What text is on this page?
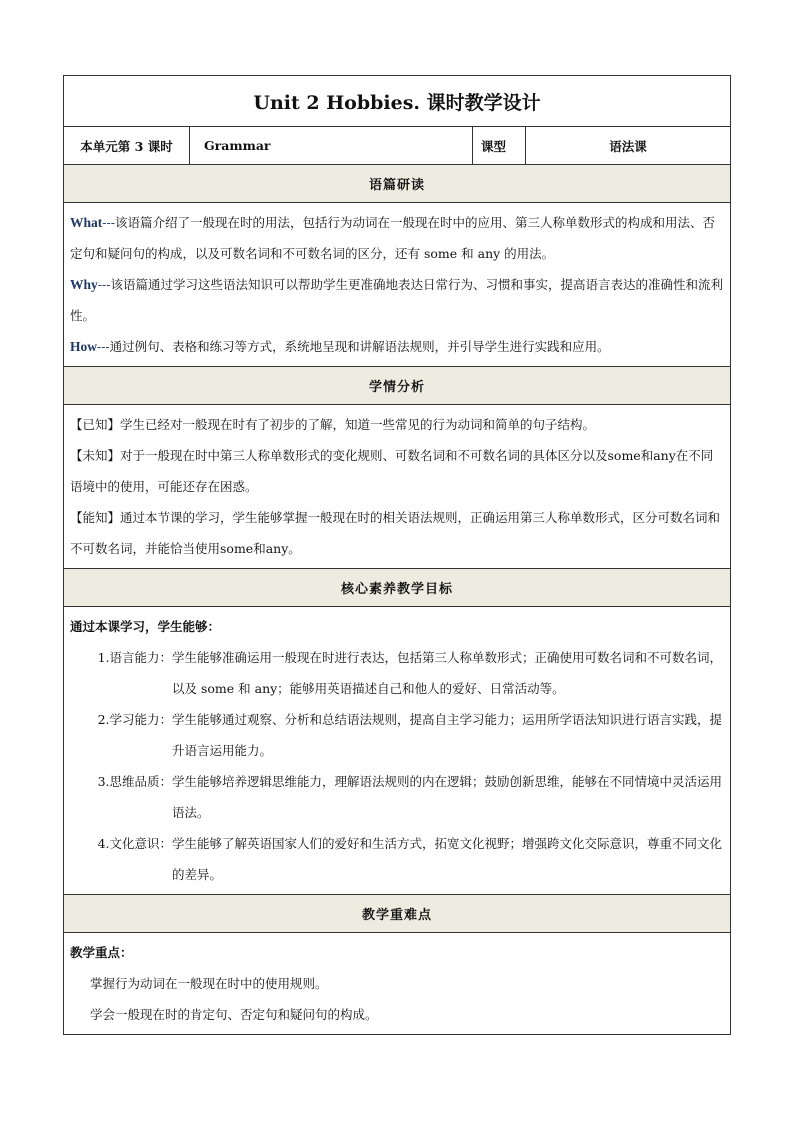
Unit 2 Hobbies. 课时教学设计
本单元第 3 课时	Grammar	课型	语法课
语篇研读

What---该语篇介绍了一般现在时的用法，包括行为动词在一般现在时中的应用、第三人称单数形式的构成和用法、否定句和疑问句的构成，以及可数名词和不可数名词的区分，还有 some 和 any 的用法。

Why---该语篇通过学习这些语法知识可以帮助学生更准确地表达日常行为、习惯和事实，提高语言表达的准确性和流利性。

How---通过例句、表格和练习等方式，系统地呈现和讲解语法规则，并引导学生进行实践和应用。

学情分析

【已知】学生已经对一般现在时有了初步的了解，知道一些常见的行为动词和简单的句子结构。

【未知】对于一般现在时中第三人称单数形式的变化规则、可数名词和不可数名词的具体区分以及some和any在不同语境中的使用，可能还存在困惑。

【能知】通过本节课的学习，学生能够掌握一般现在时的相关语法规则，正确运用第三人称单数形式，区分可数名词和不可数名词，并能恰当使用some和any。

核心素养教学目标

通过本课学习，学生能够：

1.语言能力： 学生能够准确运用一般现在时进行表达，包括第三人称单数形式；正确使用可数名词和不可数名词，以及 some 和 any；能够用英语描述自己和他人的爱好、日常活动等。
2.学习能力： 学生能够通过观察、分析和总结语法规则，提高自主学习能力；运用所学语法知识进行语言实践，提升语言运用能力。
3.思维品质： 学生能够培养逻辑思维能力，理解语法规则的内在逻辑；鼓励创新思维，能够在不同情境中灵活运用语法。
4.文化意识： 学生能够了解英语国家人们的爱好和生活方式，拓宽文化视野；增强跨文化交际意识，尊重不同文化的差异。

教学重难点

教学重点：

掌握行为动词在一般现在时中的使用规则。

学会一般现在时的肯定句、否定句和疑问句的构成。
